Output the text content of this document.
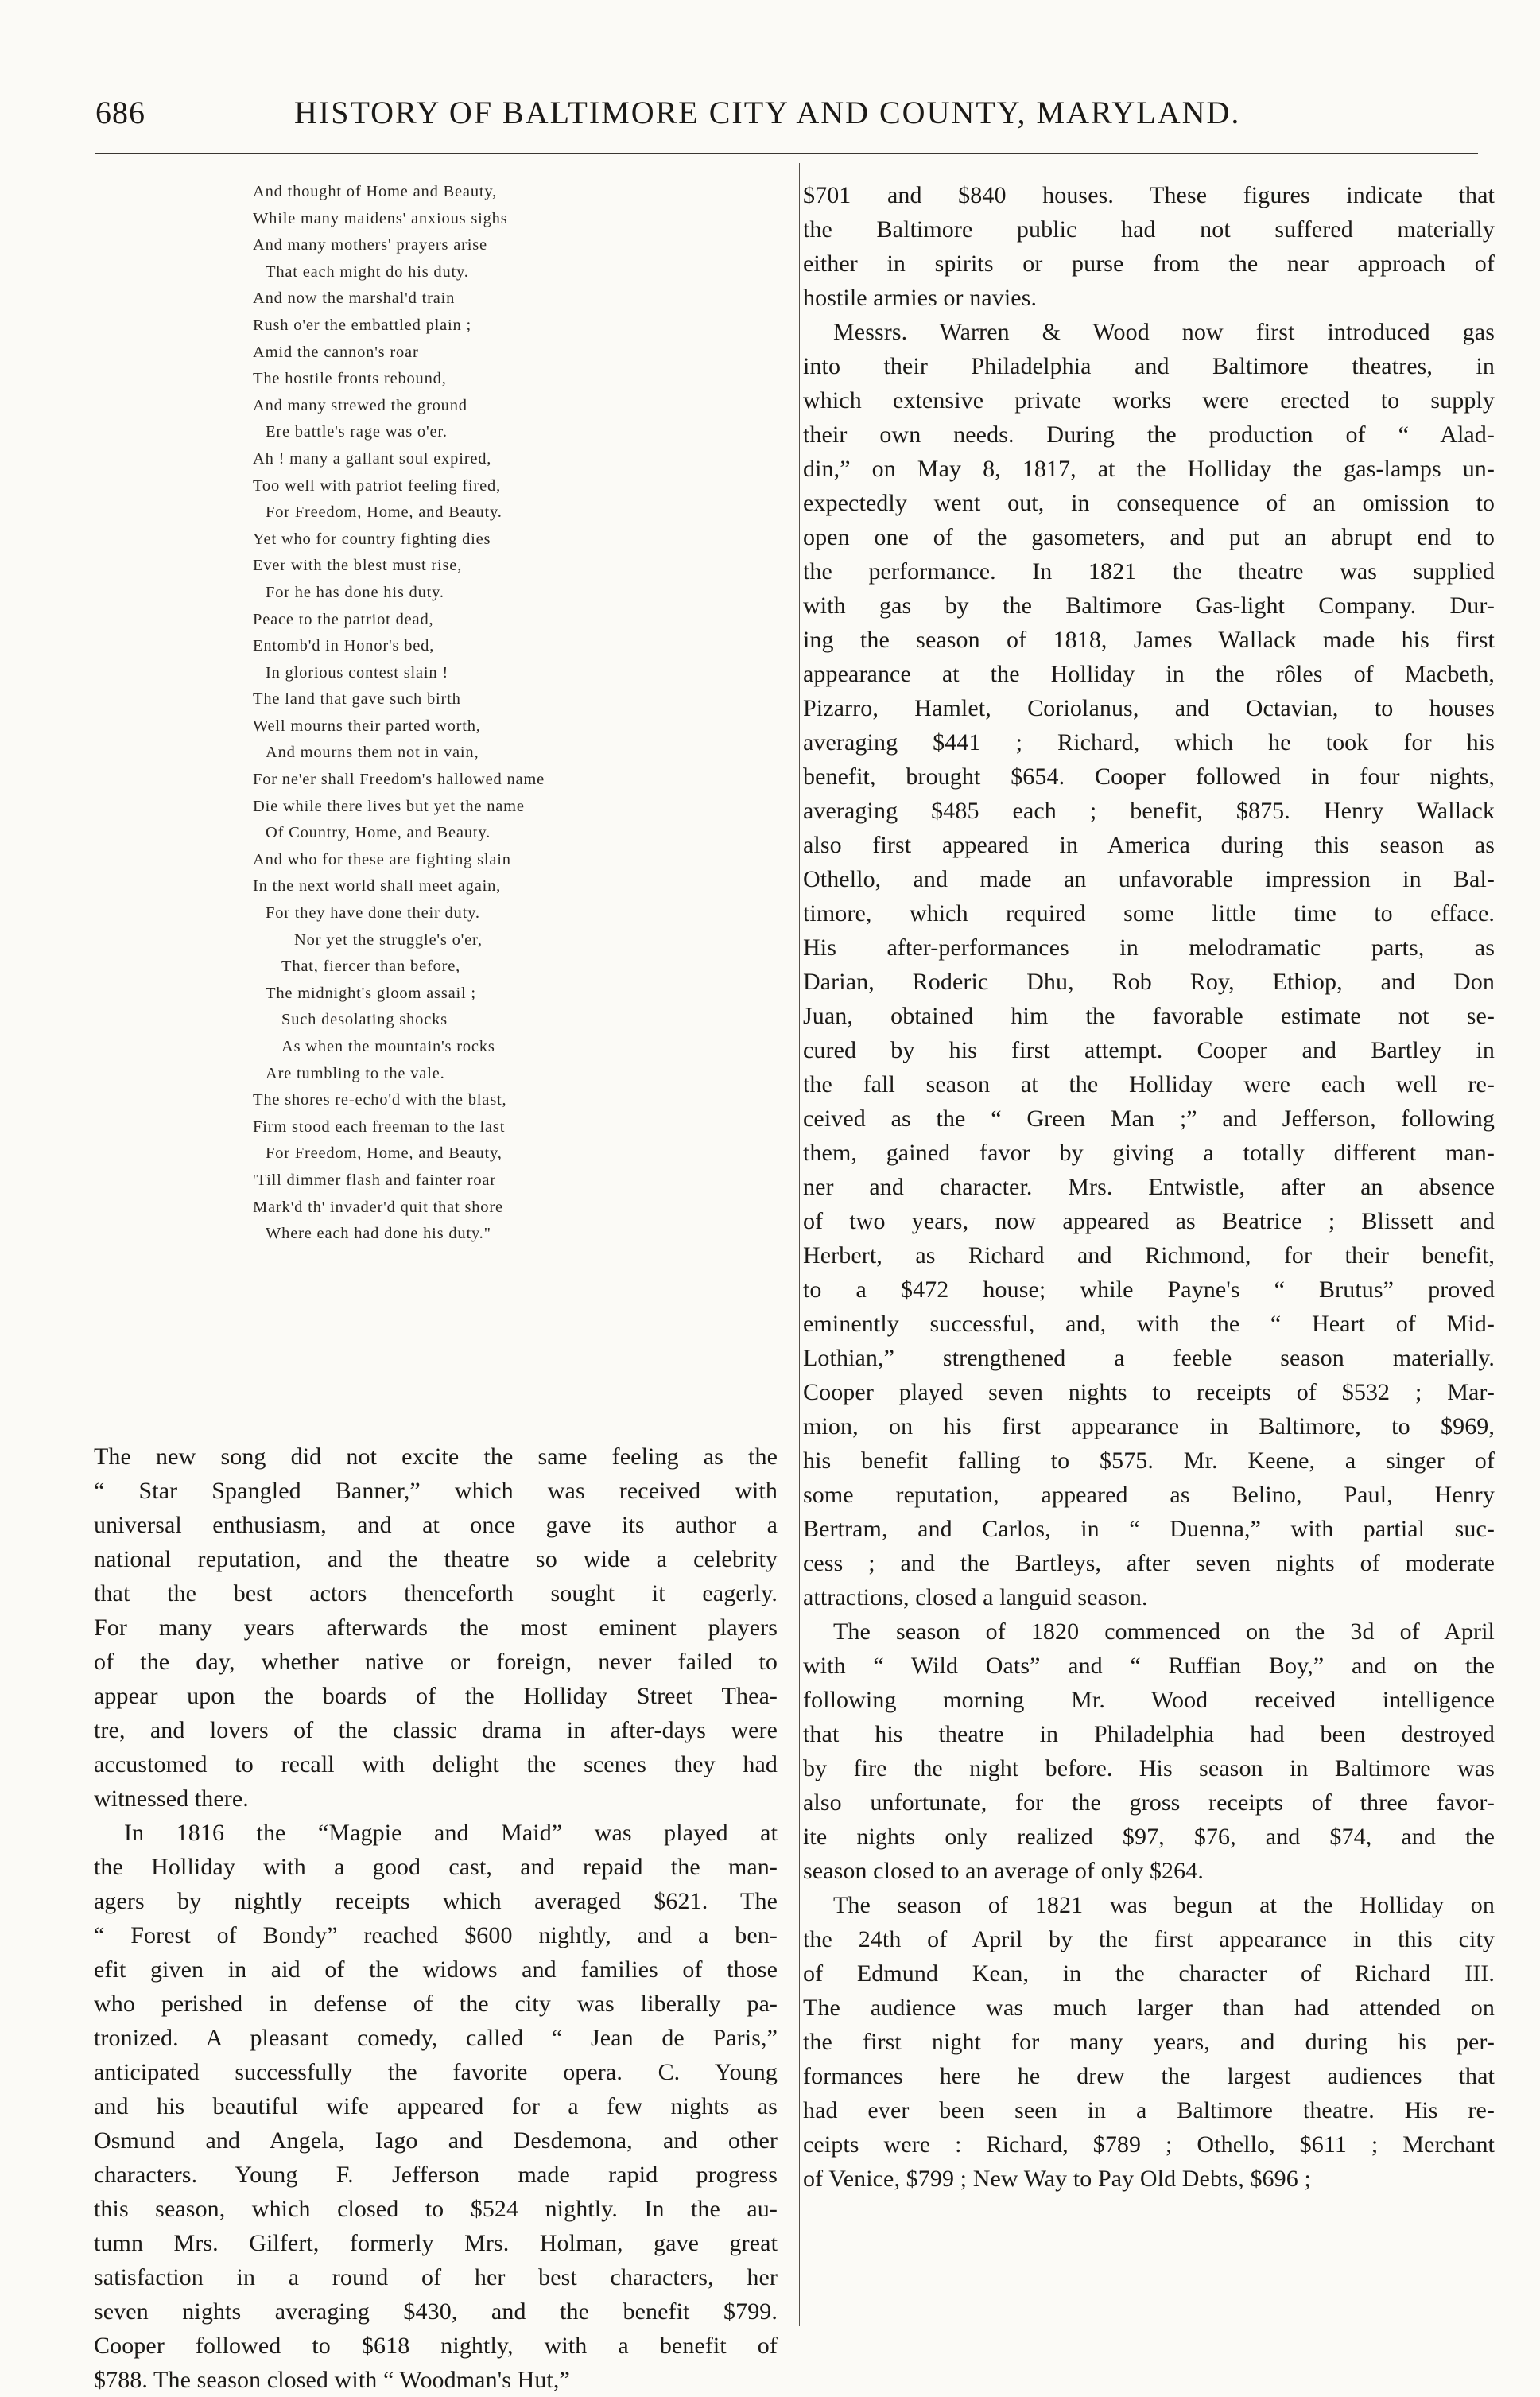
686	HISTORY OF BALTIMORE CITY AND COUNTY, MARYLAND.
And thought of Home and Beauty,
While many maidens' anxious sighs
And many mothers' prayers arise
That each might do his duty.
And now the marshal'd train
Rush o'er the embattled plain ;
Amid the cannon's roar
The hostile fronts rebound,
And many strewed the ground
Ere battle's rage was o'er.
Ah ! many a gallant soul expired,
Too well with patriot feeling fired,
For Freedom, Home, and Beauty.
Yet who for country fighting dies
Ever with the blest must rise,
For he has done his duty.
Peace to the patriot dead,
Entomb'd in Honor's bed,
In glorious contest slain !
The land that gave such birth
Well mourns their parted worth,
And mourns them not in vain,
For ne'er shall Freedom's hallowed name
Die while there lives but yet the name
Of Country, Home, and Beauty.
And who for these are fighting slain
In the next world shall meet again,
For they have done their duty.
Nor yet the struggle's o'er,
That, fiercer than before,
The midnight's gloom assail ;
Such desolating shocks
As when the mountain's rocks
Are tumbling to the vale.
The shores re-echo'd with the blast,
Firm stood each freeman to the last
For Freedom, Home, and Beauty,
'Till dimmer flash and fainter roar
Mark'd th' invader'd quit that shore
Where each had done his duty."

The new song did not excite the same feeling as the
“ Star Spangled Banner,” which was received with
universal enthusiasm, and at once gave its author a
national reputation, and the theatre so wide a celebrity
that the best actors thenceforth sought it eagerly.
For many years afterwards the most eminent players
of the day, whether native or foreign, never failed to
appear upon the boards of the Holliday Street Thea-
tre, and lovers of the classic drama in after-days were
accustomed to recall with delight the scenes they had
witnessed there.

In 1816 the “Magpie and Maid” was played at
the Holliday with a good cast, and repaid the man-
agers by nightly receipts which averaged $621. The
“ Forest of Bondy” reached $600 nightly, and a ben-
efit given in aid of the widows and families of those
who perished in defense of the city was liberally pa-
tronized. A pleasant comedy, called “ Jean de Paris,”
anticipated successfully the favorite opera. C. Young
and his beautiful wife appeared for a few nights as
Osmund and Angela, Iago and Desdemona, and other
characters. Young F. Jefferson made rapid progress
this season, which closed to $524 nightly. In the au-
tumn Mrs. Gilfert, formerly Mrs. Holman, gave great
satisfaction in a round of her best characters, her
seven nights averaging $430, and the benefit $799.
Cooper followed to $618 nightly, with a benefit of
$788. The season closed with “ Woodman's Hut,”

$701 and $840 houses. These figures indicate that
the Baltimore public had not suffered materially
either in spirits or purse from the near approach of
hostile armies or navies.

Messrs. Warren & Wood now first introduced gas
into their Philadelphia and Baltimore theatres, in
which extensive private works were erected to supply
their own needs. During the production of “ Alad-
din,” on May 8, 1817, at the Holliday the gas-lamps un-
expectedly went out, in consequence of an omission to
open one of the gasometers, and put an abrupt end to
the performance. In 1821 the theatre was supplied
with gas by the Baltimore Gas-light Company. Dur-
ing the season of 1818, James Wallack made his first
appearance at the Holliday in the rôles of Macbeth,
Pizarro, Hamlet, Coriolanus, and Octavian, to houses
averaging $441 ; Richard, which he took for his
benefit, brought $654. Cooper followed in four nights,
averaging $485 each ; benefit, $875. Henry Wallack
also first appeared in America during this season as
Othello, and made an unfavorable impression in Bal-
timore, which required some little time to efface.
His after-performances in melodramatic parts, as
Darian, Roderic Dhu, Rob Roy, Ethiop, and Don
Juan, obtained him the favorable estimate not se-
cured by his first attempt. Cooper and Bartley in
the fall season at the Holliday were each well re-
ceived as the “ Green Man ;” and Jefferson, following
them, gained favor by giving a totally different man-
ner and character. Mrs. Entwistle, after an absence
of two years, now appeared as Beatrice ; Blissett and
Herbert, as Richard and Richmond, for their benefit,
to a $472 house; while Payne's “ Brutus” proved
eminently successful, and, with the “ Heart of Mid-
Lothian,” strengthened a feeble season materially.
Cooper played seven nights to receipts of $532 ; Mar-
mion, on his first appearance in Baltimore, to $969,
his benefit falling to $575. Mr. Keene, a singer of
some reputation, appeared as Belino, Paul, Henry
Bertram, and Carlos, in “ Duenna,” with partial suc-
cess ; and the Bartleys, after seven nights of moderate
attractions, closed a languid season.

The season of 1820 commenced on the 3d of April
with “ Wild Oats” and “ Ruffian Boy,” and on the
following morning Mr. Wood received intelligence
that his theatre in Philadelphia had been destroyed
by fire the night before. His season in Baltimore was
also unfortunate, for the gross receipts of three favor-
ite nights only realized $97, $76, and $74, and the
season closed to an average of only $264.

The season of 1821 was begun at the Holliday on
the 24th of April by the first appearance in this city
of Edmund Kean, in the character of Richard III.
The audience was much larger than had attended on
the first night for many years, and during his per-
formances here he drew the largest audiences that
had ever been seen in a Baltimore theatre. His re-
ceipts were : Richard, $789 ; Othello, $611 ; Merchant
of Venice, $799 ; New Way to Pay Old Debts, $696 ;
